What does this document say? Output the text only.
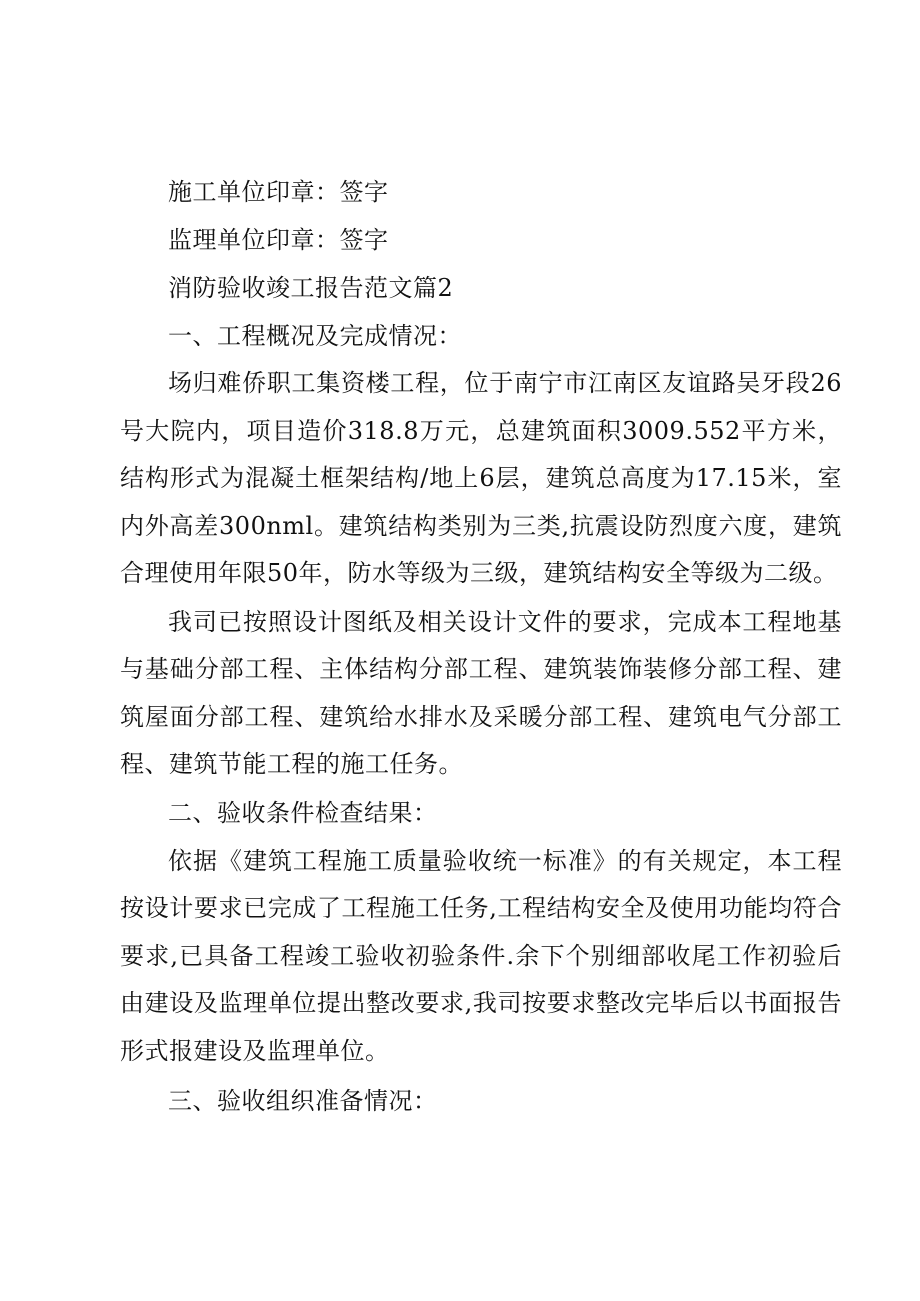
施工单位印章：签字

监理单位印章：签字

消防验收竣工报告范文篇2

一、工程概况及完成情况：

场归难侨职工集资楼工程，位于南宁市江南区友谊路吴牙段26号大院内，项目造价318.8万元，总建筑面积3009.552平方米，结构形式为混凝土框架结构/地上6层，建筑总高度为17.15米，室内外高差300nml。建筑结构类别为三类,抗震设防烈度六度，建筑合理使用年限50年，防水等级为三级，建筑结构安全等级为二级。

我司已按照设计图纸及相关设计文件的要求，完成本工程地基与基础分部工程、主体结构分部工程、建筑装饰装修分部工程、建筑屋面分部工程、建筑给水排水及采暖分部工程、建筑电气分部工程、建筑节能工程的施工任务。

二、验收条件检查结果：

依据《建筑工程施工质量验收统一标准》的有关规定，本工程按设计要求已完成了工程施工任务,工程结构安全及使用功能均符合要求,已具备工程竣工验收初验条件.余下个别细部收尾工作初验后由建设及监理单位提出整改要求,我司按要求整改完毕后以书面报告形式报建设及监理单位。

三、验收组织准备情况：
